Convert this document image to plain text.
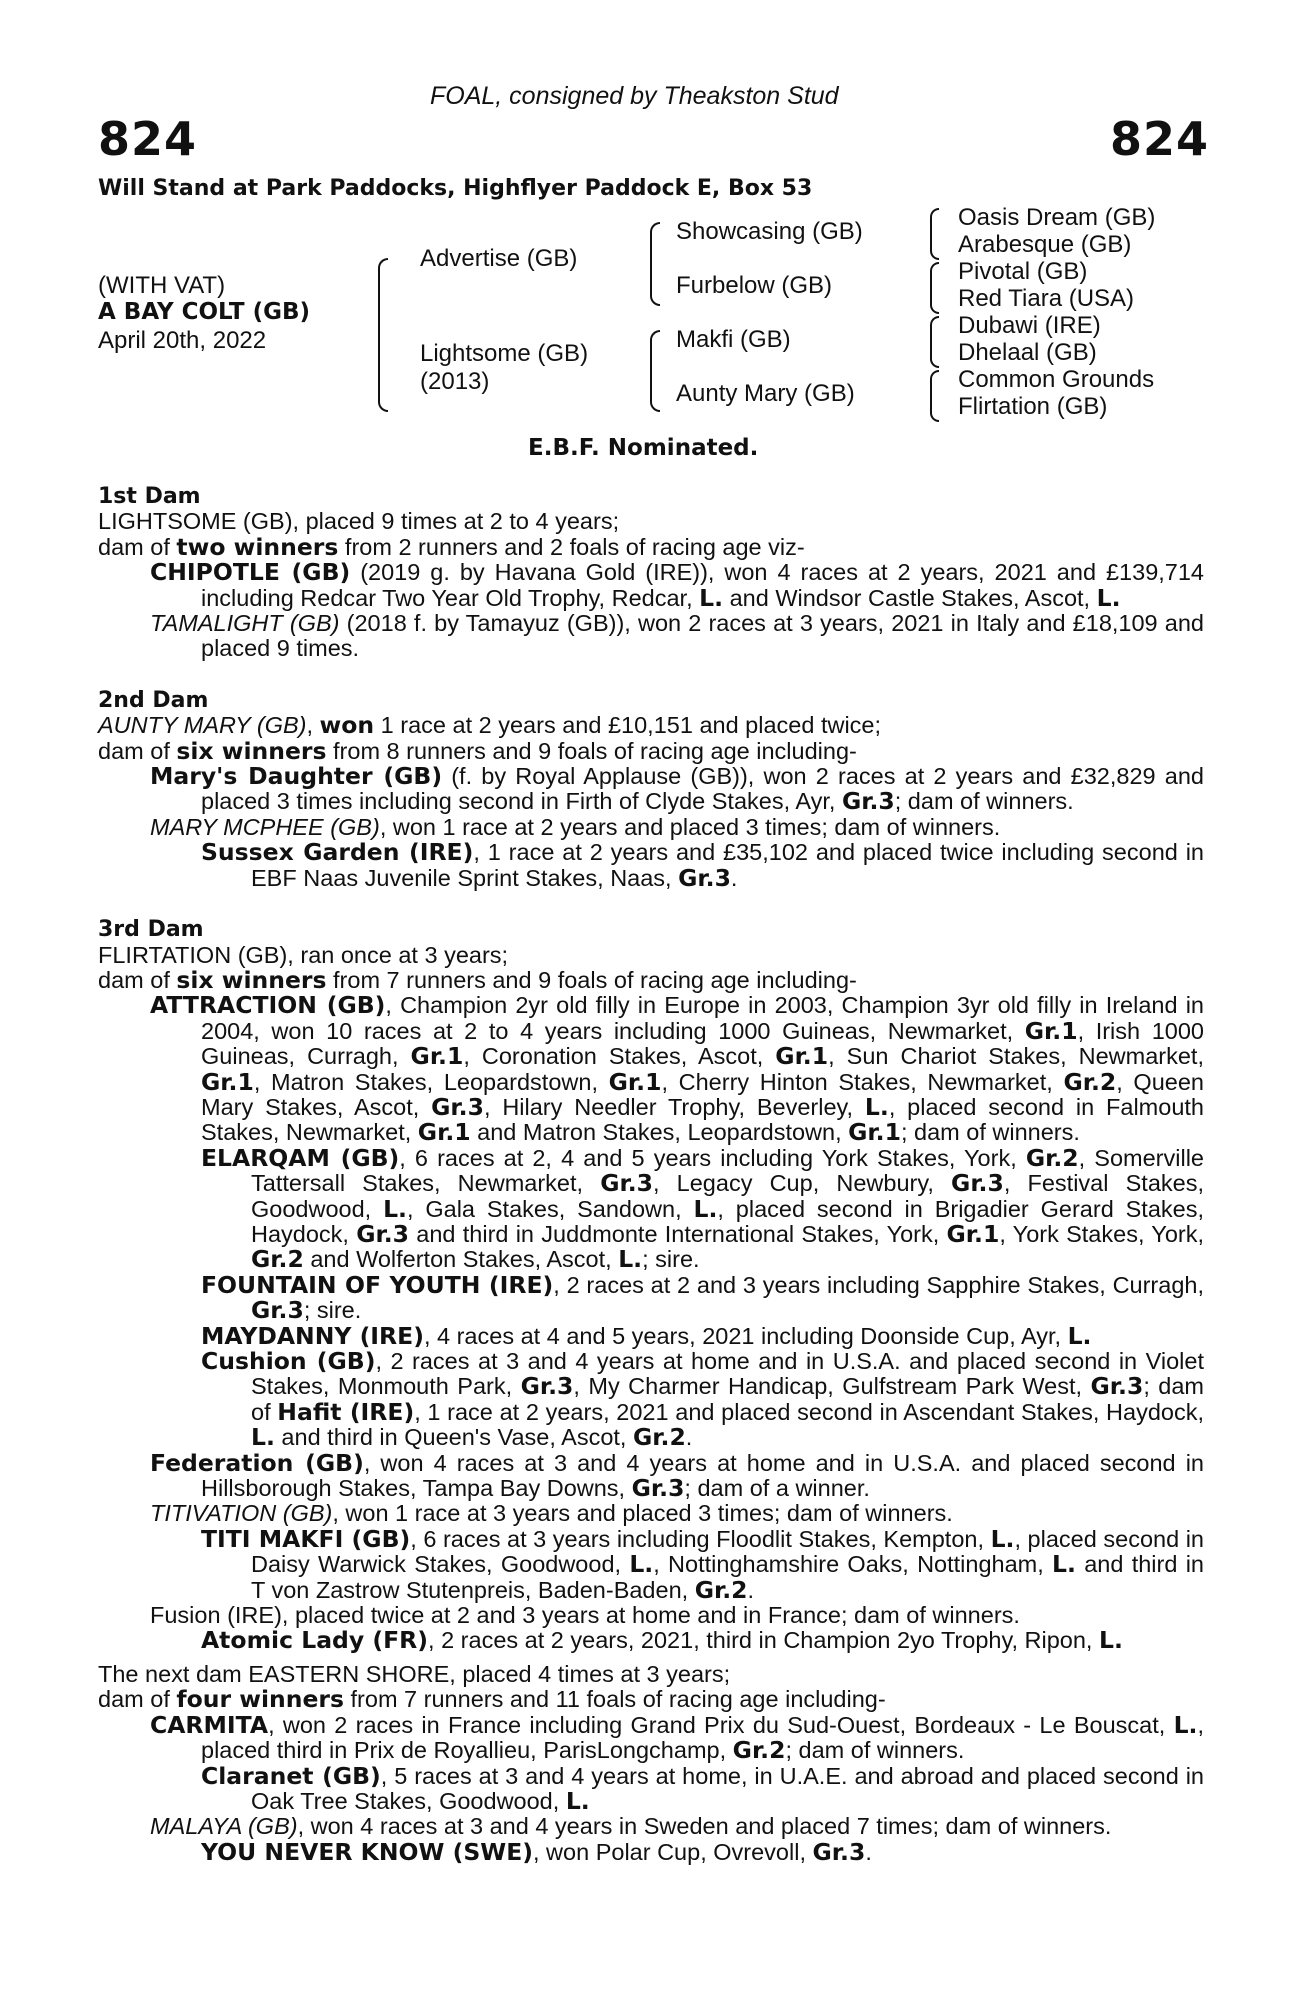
FOAL, consigned by Theakston Stud
824	824
Will Stand at Park Paddocks, Highflyer Paddock E, Box 53
(WITH VAT)
A BAY COLT (GB)
April 20th, 2022
Advertise (GB)
Lightsome (GB)
(2013)
Showcasing (GB)
Furbelow (GB)
Makfi (GB)
Aunty Mary (GB)
Oasis Dream (GB)
Arabesque (GB)
Pivotal (GB)
Red Tiara (USA)
Dubawi (IRE)
Dhelaal (GB)
Common Grounds
Flirtation (GB)
E.B.F. Nominated.

1st Dam

LIGHTSOME (GB), placed 9 times at 2 to 4 years;

dam of two winners from 2 runners and 2 foals of racing age viz-

CHIPOTLE (GB) (2019 g. by Havana Gold (IRE)), won 4 races at 2 years, 2021 and £139,714 including Redcar Two Year Old Trophy, Redcar, L. and Windsor Castle Stakes, Ascot, L.

TAMALIGHT (GB) (2018 f. by Tamayuz (GB)), won 2 races at 3 years, 2021 in Italy and £18,109 and placed 9 times.

2nd Dam

AUNTY MARY (GB), won 1 race at 2 years and £10,151 and placed twice;

dam of six winners from 8 runners and 9 foals of racing age including-

Mary's Daughter (GB) (f. by Royal Applause (GB)), won 2 races at 2 years and £32,829 and placed 3 times including second in Firth of Clyde Stakes, Ayr, Gr.3; dam of winners.

MARY MCPHEE (GB), won 1 race at 2 years and placed 3 times; dam of winners.

Sussex Garden (IRE), 1 race at 2 years and £35,102 and placed twice including second in EBF Naas Juvenile Sprint Stakes, Naas, Gr.3.

3rd Dam

FLIRTATION (GB), ran once at 3 years;

dam of six winners from 7 runners and 9 foals of racing age including-

ATTRACTION (GB), Champion 2yr old filly in Europe in 2003, Champion 3yr old filly in Ireland in 2004, won 10 races at 2 to 4 years including 1000 Guineas, Newmarket, Gr.1, Irish 1000 Guineas, Curragh, Gr.1, Coronation Stakes, Ascot, Gr.1, Sun Chariot Stakes, Newmarket, Gr.1, Matron Stakes, Leopardstown, Gr.1, Cherry Hinton Stakes, Newmarket, Gr.2, Queen Mary Stakes, Ascot, Gr.3, Hilary Needler Trophy, Beverley, L., placed second in Falmouth Stakes, Newmarket, Gr.1 and Matron Stakes, Leopardstown, Gr.1; dam of winners.

ELARQAM (GB), 6 races at 2, 4 and 5 years including York Stakes, York, Gr.2, Somerville Tattersall Stakes, Newmarket, Gr.3, Legacy Cup, Newbury, Gr.3, Festival Stakes, Goodwood, L., Gala Stakes, Sandown, L., placed second in Brigadier Gerard Stakes, Haydock, Gr.3 and third in Juddmonte International Stakes, York, Gr.1, York Stakes, York, Gr.2 and Wolferton Stakes, Ascot, L.; sire.

FOUNTAIN OF YOUTH (IRE), 2 races at 2 and 3 years including Sapphire Stakes, Curragh, Gr.3; sire.

MAYDANNY (IRE), 4 races at 4 and 5 years, 2021 including Doonside Cup, Ayr, L.

Cushion (GB), 2 races at 3 and 4 years at home and in U.S.A. and placed second in Violet Stakes, Monmouth Park, Gr.3, My Charmer Handicap, Gulfstream Park West, Gr.3; dam of Hafit (IRE), 1 race at 2 years, 2021 and placed second in Ascendant Stakes, Haydock, L. and third in Queen's Vase, Ascot, Gr.2.

Federation (GB), won 4 races at 3 and 4 years at home and in U.S.A. and placed second in Hillsborough Stakes, Tampa Bay Downs, Gr.3; dam of a winner.

TITIVATION (GB), won 1 race at 3 years and placed 3 times; dam of winners.

TITI MAKFI (GB), 6 races at 3 years including Floodlit Stakes, Kempton, L., placed second in Daisy Warwick Stakes, Goodwood, L., Nottinghamshire Oaks, Nottingham, L. and third in T von Zastrow Stutenpreis, Baden-Baden, Gr.2.

Fusion (IRE), placed twice at 2 and 3 years at home and in France; dam of winners.

Atomic Lady (FR), 2 races at 2 years, 2021, third in Champion 2yo Trophy, Ripon, L.

The next dam EASTERN SHORE, placed 4 times at 3 years;

dam of four winners from 7 runners and 11 foals of racing age including-

CARMITA, won 2 races in France including Grand Prix du Sud-Ouest, Bordeaux - Le Bouscat, L., placed third in Prix de Royallieu, ParisLongchamp, Gr.2; dam of winners.

Claranet (GB), 5 races at 3 and 4 years at home, in U.A.E. and abroad and placed second in Oak Tree Stakes, Goodwood, L.

MALAYA (GB), won 4 races at 3 and 4 years in Sweden and placed 7 times; dam of winners.

YOU NEVER KNOW (SWE), won Polar Cup, Ovrevoll, Gr.3.
